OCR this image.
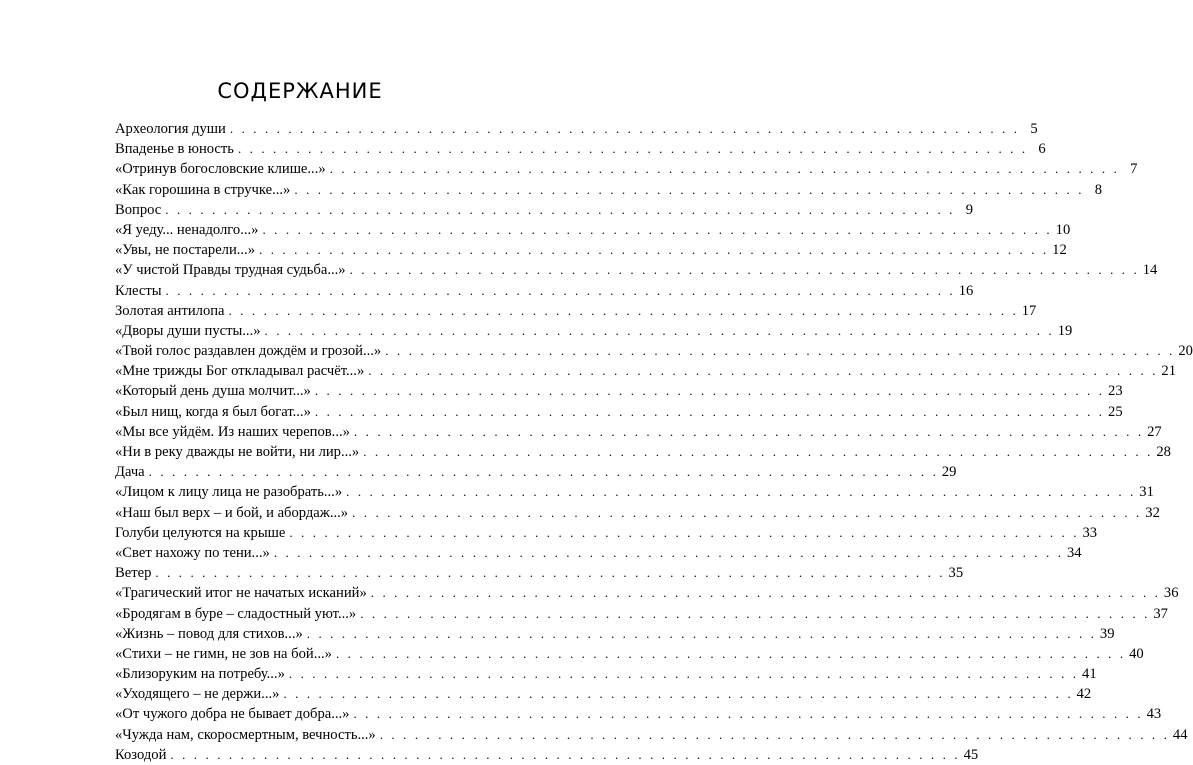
СОДЕРЖАНИЕ
Археология души . . . . . . . . . . . . . . . . . . . . . . . . . . . . . . . . . . . . . . . . . . . . . . . . . . . . . . . . . . . . . . . . . . . . 5
Впаденье в юность . . . . . . . . . . . . . . . . . . . . . . . . . . . . . . . . . . . . . . . . . . . . . . . . . . . . . . . . . . . . . . . . . . . . 6
«Отринув богословские клише...» . . . . . . . . . . . . . . . . . . . . . . . . . . . . . . . . . . . . . . . . . . . . . . . . . . . . . . . . . . . . . . . . . . . . 7
«Как горошина в стручке...» . . . . . . . . . . . . . . . . . . . . . . . . . . . . . . . . . . . . . . . . . . . . . . . . . . . . . . . . . . . . . . . . . . . . 8
Вопрос . . . . . . . . . . . . . . . . . . . . . . . . . . . . . . . . . . . . . . . . . . . . . . . . . . . . . . . . . . . . . . . . . . . . 9
«Я уеду... ненадолго...» . . . . . . . . . . . . . . . . . . . . . . . . . . . . . . . . . . . . . . . . . . . . . . . . . . . . . . . . . . . . . . . . . . . . 10
«Увы, не постарели...» . . . . . . . . . . . . . . . . . . . . . . . . . . . . . . . . . . . . . . . . . . . . . . . . . . . . . . . . . . . . . . . . . . . . 12
«У чистой Правды трудная судьба...» . . . . . . . . . . . . . . . . . . . . . . . . . . . . . . . . . . . . . . . . . . . . . . . . . . . . . . . . . . . . . . . . . . . . 14
Клесты . . . . . . . . . . . . . . . . . . . . . . . . . . . . . . . . . . . . . . . . . . . . . . . . . . . . . . . . . . . . . . . . . . . . 16
Золотая антилопа . . . . . . . . . . . . . . . . . . . . . . . . . . . . . . . . . . . . . . . . . . . . . . . . . . . . . . . . . . . . . . . . . . . . 17
«Дворы души пусты...» . . . . . . . . . . . . . . . . . . . . . . . . . . . . . . . . . . . . . . . . . . . . . . . . . . . . . . . . . . . . . . . . . . . . 19
«Твой голос раздавлен дождём и грозой...» . . . . . . . . . . . . . . . . . . . . . . . . . . . . . . . . . . . . . . . . . . . . . . . . . . . . . . . . . . . . . . . . . . . . 20
«Мне трижды Бог откладывал расчёт...» . . . . . . . . . . . . . . . . . . . . . . . . . . . . . . . . . . . . . . . . . . . . . . . . . . . . . . . . . . . . . . . . . . . . 21
«Который день душа молчит...» . . . . . . . . . . . . . . . . . . . . . . . . . . . . . . . . . . . . . . . . . . . . . . . . . . . . . . . . . . . . . . . . . . . . 23
«Был нищ, когда я был богат...» . . . . . . . . . . . . . . . . . . . . . . . . . . . . . . . . . . . . . . . . . . . . . . . . . . . . . . . . . . . . . . . . . . . . 25
«Мы все уйдём. Из наших черепов...» . . . . . . . . . . . . . . . . . . . . . . . . . . . . . . . . . . . . . . . . . . . . . . . . . . . . . . . . . . . . . . . . . . . . 27
«Ни в реку дважды не войти, ни лир...» . . . . . . . . . . . . . . . . . . . . . . . . . . . . . . . . . . . . . . . . . . . . . . . . . . . . . . . . . . . . . . . . . . . . 28
Дача . . . . . . . . . . . . . . . . . . . . . . . . . . . . . . . . . . . . . . . . . . . . . . . . . . . . . . . . . . . . . . . . . . . . 29
«Лицом к лицу лица не разобрать...» . . . . . . . . . . . . . . . . . . . . . . . . . . . . . . . . . . . . . . . . . . . . . . . . . . . . . . . . . . . . . . . . . . . . 31
«Наш был верх – и бой, и абордаж...» . . . . . . . . . . . . . . . . . . . . . . . . . . . . . . . . . . . . . . . . . . . . . . . . . . . . . . . . . . . . . . . . . . . . 32
Голуби целуются на крыше . . . . . . . . . . . . . . . . . . . . . . . . . . . . . . . . . . . . . . . . . . . . . . . . . . . . . . . . . . . . . . . . . . . . 33
«Свет нахожу по тени...» . . . . . . . . . . . . . . . . . . . . . . . . . . . . . . . . . . . . . . . . . . . . . . . . . . . . . . . . . . . . . . . . . . . . 34
Ветер . . . . . . . . . . . . . . . . . . . . . . . . . . . . . . . . . . . . . . . . . . . . . . . . . . . . . . . . . . . . . . . . . . . . 35
«Трагический итог не начатых исканий» . . . . . . . . . . . . . . . . . . . . . . . . . . . . . . . . . . . . . . . . . . . . . . . . . . . . . . . . . . . . . . . . . . . . 36
«Бродягам в буре – сладостный уют...» . . . . . . . . . . . . . . . . . . . . . . . . . . . . . . . . . . . . . . . . . . . . . . . . . . . . . . . . . . . . . . . . . . . . 37
«Жизнь – повод для стихов...» . . . . . . . . . . . . . . . . . . . . . . . . . . . . . . . . . . . . . . . . . . . . . . . . . . . . . . . . . . . . . . . . . . . . 39
«Стихи – не гимн, не зов на бой...» . . . . . . . . . . . . . . . . . . . . . . . . . . . . . . . . . . . . . . . . . . . . . . . . . . . . . . . . . . . . . . . . . . . . 40
«Близоруким на потребу...» . . . . . . . . . . . . . . . . . . . . . . . . . . . . . . . . . . . . . . . . . . . . . . . . . . . . . . . . . . . . . . . . . . . . 41
«Уходящего – не держи...» . . . . . . . . . . . . . . . . . . . . . . . . . . . . . . . . . . . . . . . . . . . . . . . . . . . . . . . . . . . . . . . . . . . . 42
«От чужого добра не бывает добра...» . . . . . . . . . . . . . . . . . . . . . . . . . . . . . . . . . . . . . . . . . . . . . . . . . . . . . . . . . . . . . . . . . . . . 43
«Чужда нам, скоросмертным, вечность...» . . . . . . . . . . . . . . . . . . . . . . . . . . . . . . . . . . . . . . . . . . . . . . . . . . . . . . . . . . . . . . . . . . . . 44
Козодой . . . . . . . . . . . . . . . . . . . . . . . . . . . . . . . . . . . . . . . . . . . . . . . . . . . . . . . . . . . . . . . . . . . . 45
